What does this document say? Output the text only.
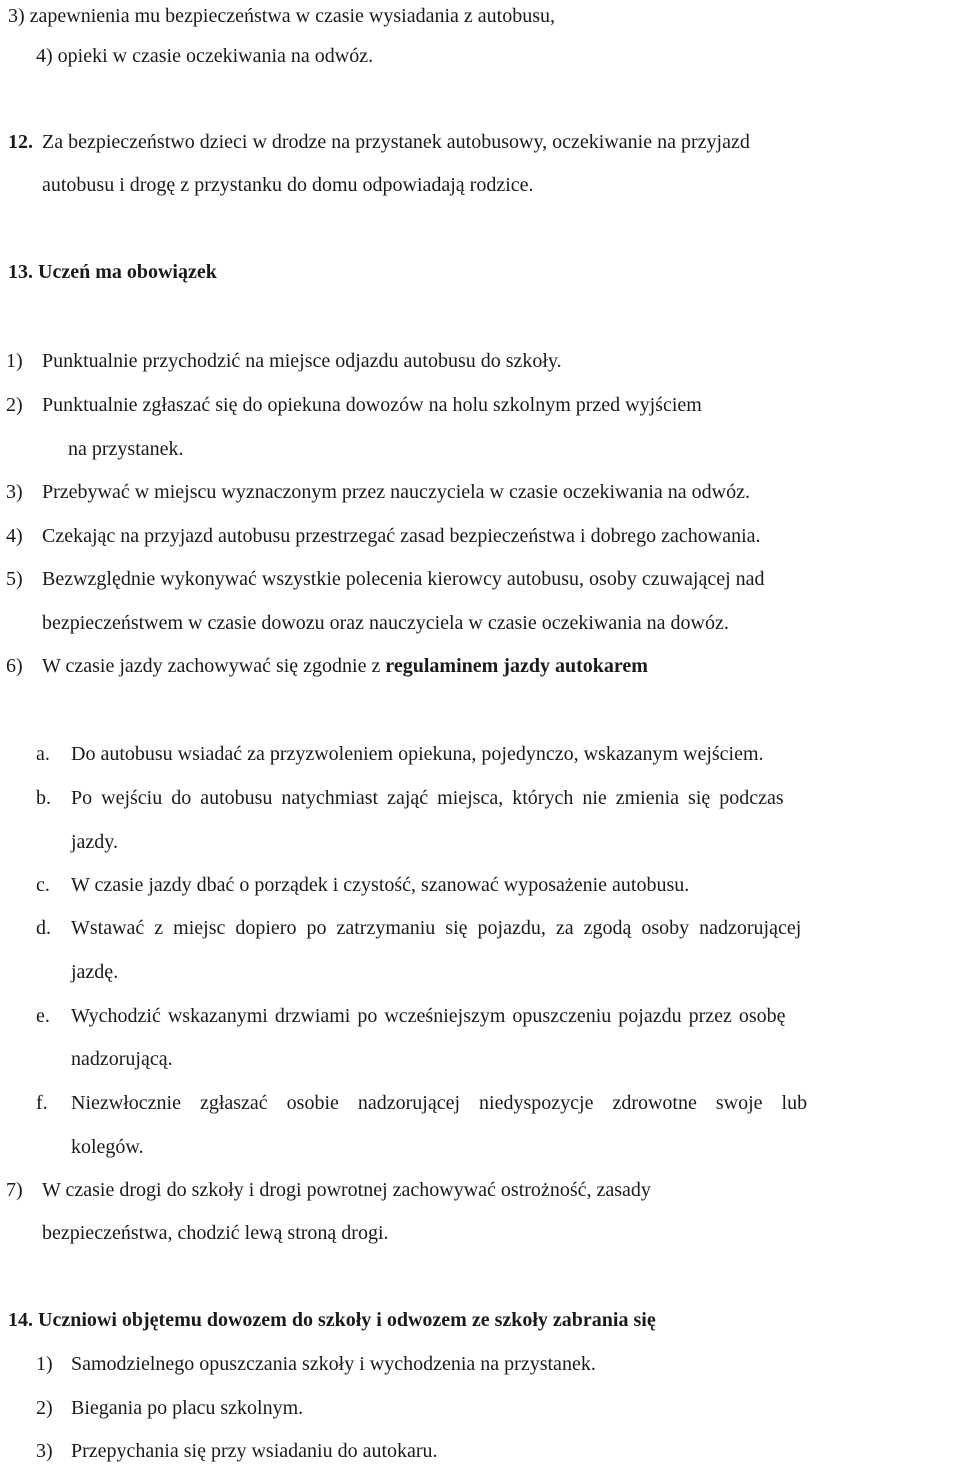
3) zapewnienia mu bezpieczeństwa w czasie wysiadania z autobusu,
4) opieki w czasie oczekiwania na odwóz.
12. Za bezpieczeństwo dzieci w drodze na przystanek autobusowy, oczekiwanie na przyjazd
autobusu i drogę z przystanku do domu odpowiadają rodzice.
13. Uczeń ma obowiązek
1) Punktualnie przychodzić na miejsce odjazdu autobusu do szkoły.
2) Punktualnie zgłaszać się do opiekuna dowozów na holu szkolnym przed wyjściem
na przystanek.
3) Przebywać w miejscu wyznaczonym przez nauczyciela w czasie oczekiwania na odwóz.
4) Czekając na przyjazd autobusu przestrzegać zasad bezpieczeństwa i dobrego zachowania.
5) Bezwzględnie wykonywać wszystkie polecenia kierowcy autobusu, osoby czuwającej nad
bezpieczeństwem w czasie dowozu oraz nauczyciela w czasie oczekiwania na dowóz.
6) W czasie jazdy zachowywać się zgodnie z regulaminem jazdy autokarem
a. Do autobusu wsiadać za przyzwoleniem opiekuna, pojedynczo, wskazanym wejściem.
b. Po wejściu do autobusu natychmiast zająć miejsca, których nie zmienia się podczas
jazdy.
c. W czasie jazdy dbać o porządek i czystość, szanować wyposażenie autobusu.
d. Wstawać z miejsc dopiero po zatrzymaniu się pojazdu, za zgodą osoby nadzorującej
jazdę.
e. Wychodzić wskazanymi drzwiami po wcześniejszym opuszczeniu pojazdu przez osobę
nadzorującą.
f. Niezwłocznie zgłaszać osobie nadzorującej niedyspozycje zdrowotne swoje lub
kolegów.
7) W czasie drogi do szkoły i drogi powrotnej zachowywać ostrożność, zasady
bezpieczeństwa, chodzić lewą stroną drogi.
14. Uczniowi objętemu dowozem do szkoły i odwozem ze szkoły zabrania się
1) Samodzielnego opuszczania szkoły i wychodzenia na przystanek.
2) Biegania po placu szkolnym.
3) Przepychania się przy wsiadaniu do autokaru.
